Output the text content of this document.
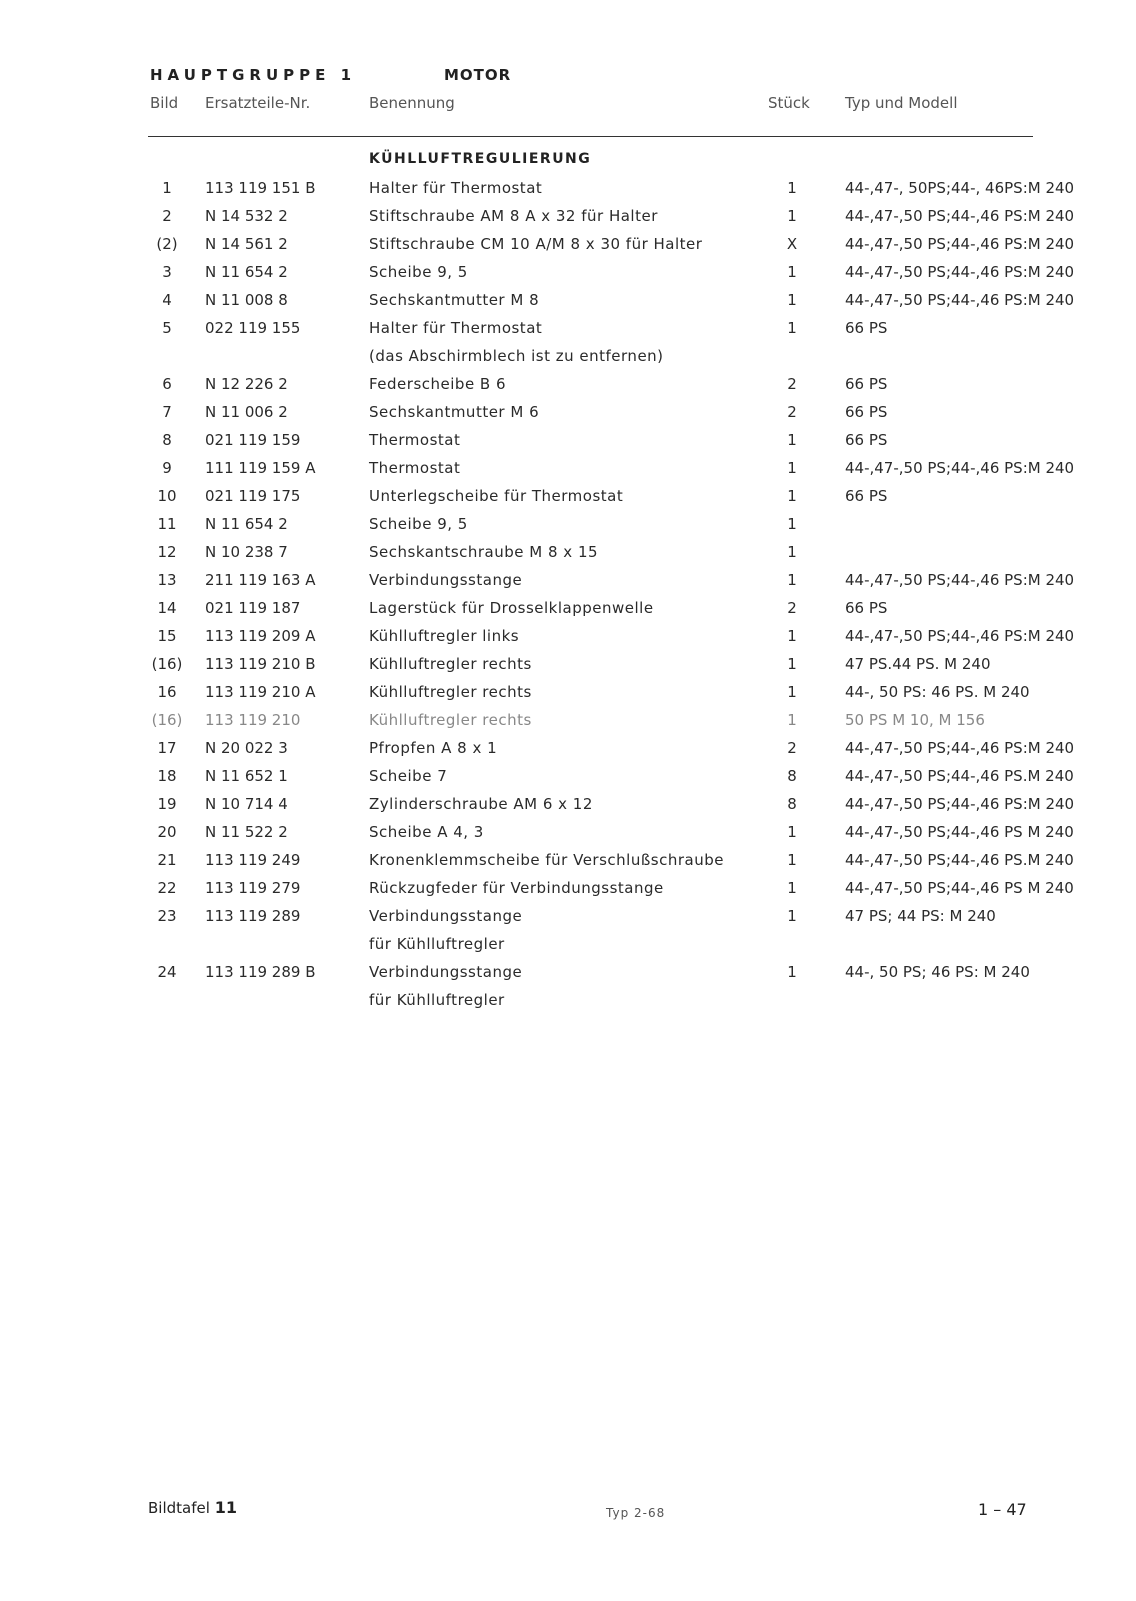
HAUPTGRUPPE 1	MOTOR
Bild Ersatzteile-Nr.	Benennung	Stück Typ und Modell
KÜHLLUFTREGULIERUNG
1	113 119 151 B	Halter für Thermostat	1	44-,47-, 50PS;44-, 46PS:M 240
2	N 14 532 2	Stiftschraube AM 8 A x 32 für Halter	1	44-,47-,50 PS;44-,46 PS:M 240
(2)	N 14 561 2	Stiftschraube CM 10 A/M 8 x 30 für Halter	X	44-,47-,50 PS;44-,46 PS:M 240
3	N 11 654 2	Scheibe 9, 5	1	44-,47-,50 PS;44-,46 PS:M 240
4	N 11 008 8	Sechskantmutter M 8	1	44-,47-,50 PS;44-,46 PS:M 240
5	022 119 155	Halter für Thermostat	1	66 PS
(das Abschirmblech ist zu entfernen)
6	N 12 226 2	Federscheibe B 6	2	66 PS
7	N 11 006 2	Sechskantmutter M 6	2	66 PS
8	021 119 159	Thermostat	1	66 PS
9	111 119 159 A	Thermostat	1	44-,47-,50 PS;44-,46 PS:M 240
10	021 119 175	Unterlegscheibe für Thermostat	1	66 PS
11	N 11 654 2	Scheibe 9, 5	1
12	N 10 238 7	Sechskantschraube M 8 x 15	1
13	211 119 163 A	Verbindungsstange	1	44-,47-,50 PS;44-,46 PS:M 240
14	021 119 187	Lagerstück für Drosselklappenwelle	2	66 PS
15	113 119 209 A	Kühlluftregler links	1	44-,47-,50 PS;44-,46 PS:M 240
(16) 113 119 210 B	Kühlluftregler rechts	1	47 PS.44 PS. M 240
16	113 119 210 A	Kühlluftregler rechts	1	44-, 50 PS: 46 PS. M 240
(16) 113 119 210	Kühlluftregler rechts	1	50 PS M 10, M 156
17	N 20 022 3	Pfropfen A 8 x 1	2	44-,47-,50 PS;44-,46 PS:M 240
18	N 11 652 1	Scheibe 7	8	44-,47-,50 PS;44-,46 PS.M 240
19	N 10 714 4	Zylinderschraube AM 6 x 12	8	44-,47-,50 PS;44-,46 PS:M 240
20	N 11 522 2	Scheibe A 4, 3	1	44-,47-,50 PS;44-,46 PS M 240
21	113 119 249	Kronenklemmscheibe für Verschlußschraube	1	44-,47-,50 PS;44-,46 PS.M 240
22	113 119 279	Rückzugfeder für Verbindungsstange	1	44-,47-,50 PS;44-,46 PS M 240
23	113 119 289	Verbindungsstange	1	47 PS; 44 PS: M 240
für Kühlluftregler
24	113 119 289 B	Verbindungsstange	1	44-, 50 PS; 46 PS: M 240
für Kühlluftregler
Bildtafel 11	Typ 2-68	1 – 47
